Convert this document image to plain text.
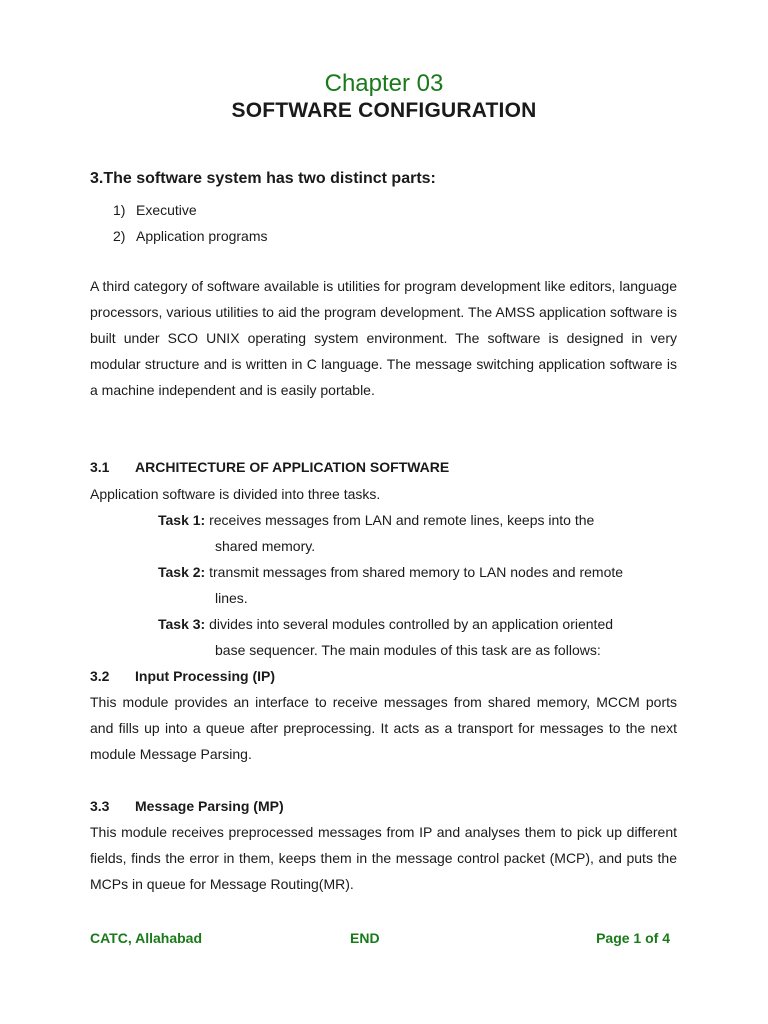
Chapter 03
SOFTWARE CONFIGURATION
3.The software system has two distinct parts:
1) Executive
2) Application programs
A third category of software available is utilities for program development like editors, language processors, various utilities to aid the program development. The AMSS application software is built under SCO UNIX operating system environment. The software is designed in very modular structure and is written in C language. The message switching application software is a machine independent and is easily portable.
3.1 ARCHITECTURE OF APPLICATION SOFTWARE
Application software is divided into three tasks.
Task 1: receives messages from LAN and remote lines, keeps into the
shared memory.
Task 2: transmit messages from shared memory to LAN nodes and remote
lines.
Task 3: divides into several modules controlled by an application oriented
base sequencer. The main modules of this task are as follows:
3.2 Input Processing (IP)
This module provides an interface to receive messages from shared memory, MCCM ports and fills up into a queue after preprocessing. It acts as a transport for messages to the next module Message Parsing.
3.3 Message Parsing (MP)
This module receives preprocessed messages from IP and analyses them to pick up different fields, finds the error in them, keeps them in the message control packet (MCP), and puts the MCPs in queue for Message Routing(MR).
CATC, Allahabad	END	Page 1 of 4
